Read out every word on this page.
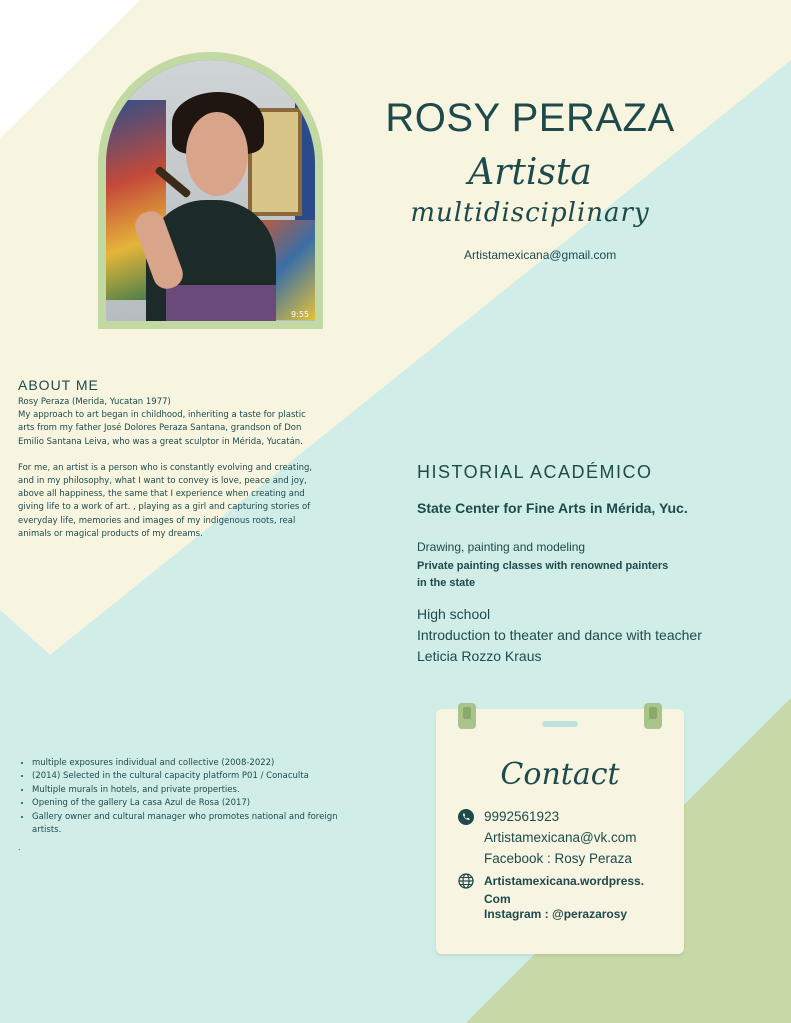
9:55
ROSY PERAZA
Artista
multidisciplinary
Artistamexicana@gmail.com
ABOUT ME

Rosy Peraza (Merida, Yucatan 1977)
My approach to art began in childhood, inheriting a taste for plastic arts from my father José Dolores Peraza Santana, grandson of Don Emilio Santana Leiva, who was a great sculptor in Mérida, Yucatán.

For me, an artist is a person who is constantly evolving and creating, and in my philosophy, what I want to convey is love, peace and joy, above all happiness, the same that I experience when creating and giving life to a work of art. , playing as a girl and capturing stories of everyday life, memories and images of my indigenous roots, real animals or magical products of my dreams.

HISTORIAL ACADÉMICO
State Center for Fine Arts in Mérida, Yuc.
Drawing, painting and modeling
Private painting classes with renowned painters in the state
High school
Introduction to theater and dance with teacher Leticia Rozzo Kraus
• multiple exposures individual and collective (2008-2022)
• (2014) Selected in the cultural capacity platform P01 / Conaculta
• Multiple murals in hotels, and private properties.
• Opening of the gallery La casa Azul de Rosa (2017)
• Gallery owner and cultural manager who promotes national and foreign artists.
.
Contact
9992561923
Artistamexicana@vk.com
Facebook : Rosy Peraza
Artistamexicana.wordpress. Com
Instagram : @perazarosy
